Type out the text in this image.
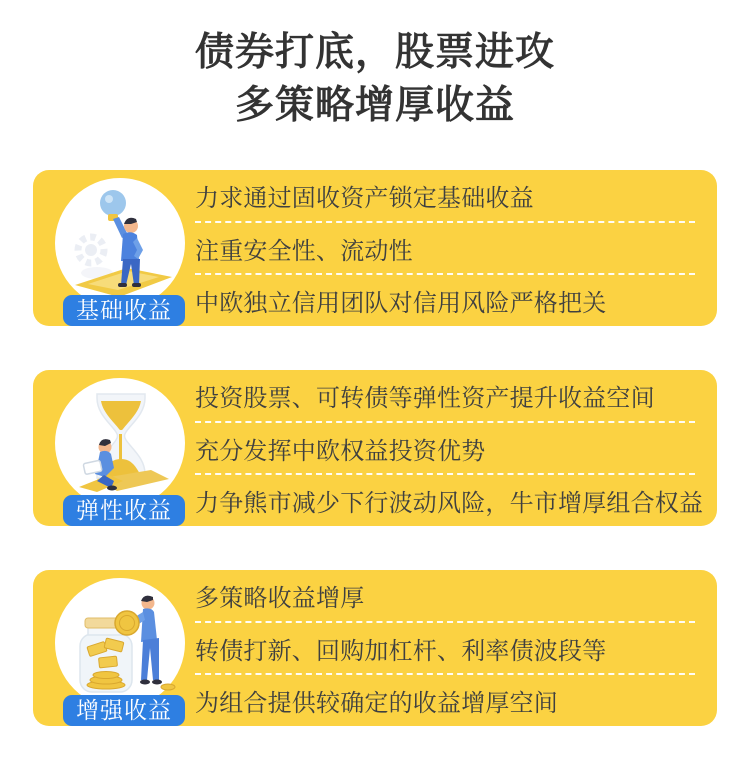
债券打底，股票进攻
多策略增厚收益
基础收益
力求通过固收资产锁定基础收益
注重安全性、流动性
中欧独立信用团队对信用风险严格把关
弹性收益
投资股票、可转债等弹性资产提升收益空间
充分发挥中欧权益投资优势
力争熊市减少下行波动风险，牛市增厚组合权益
增强收益
多策略收益增厚
转债打新、回购加杠杆、利率债波段等
为组合提供较确定的收益增厚空间
